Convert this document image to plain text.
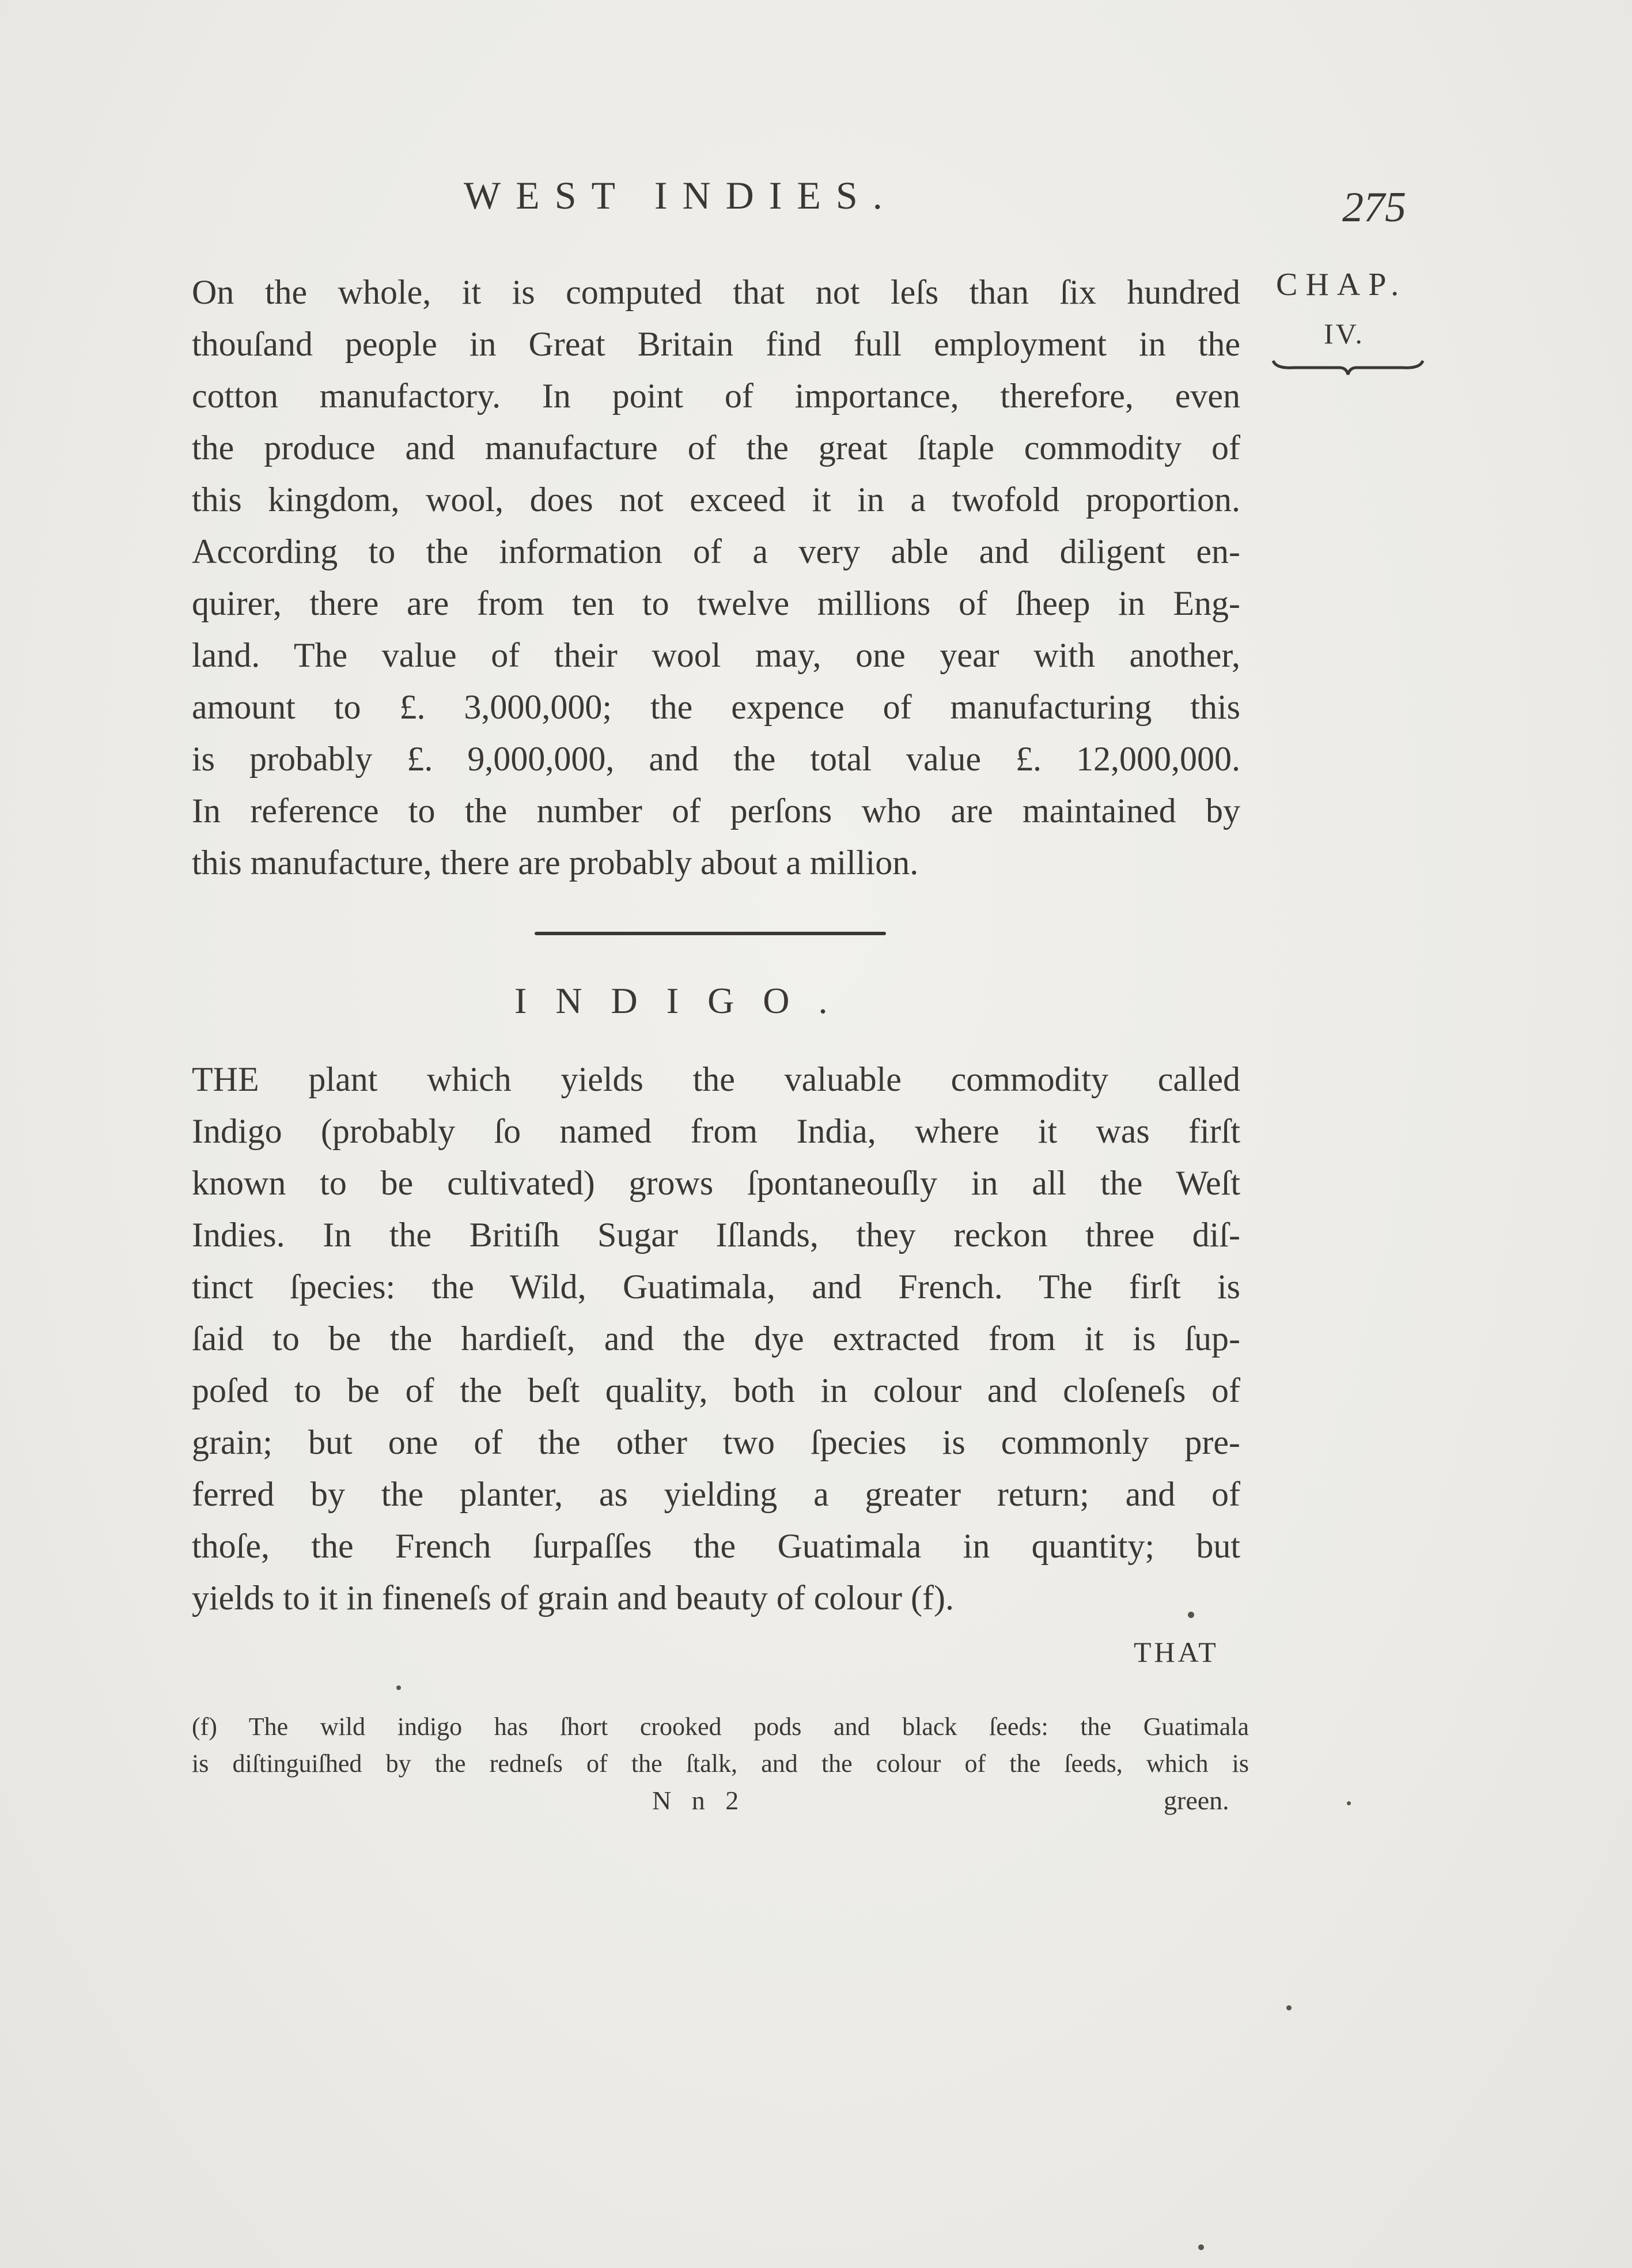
WEST INDIES.	275
CHAP.
IV.
On the whole, it is computed that not leſs than ſix hundred
thouſand people in Great Britain find full employment in the
cotton manufactory. In point of importance, therefore, even
the produce and manufacture of the great ſtaple commodity of
this kingdom, wool, does not exceed it in a twofold proportion.
According to the information of a very able and diligent en-
quirer, there are from ten to twelve millions of ſheep in Eng-
land. The value of their wool may, one year with another,
amount to £. 3,000,000; the expence of manufacturing this
is probably £. 9,000,000, and the total value £. 12,000,000.
In reference to the number of perſons who are maintained by
this manufacture, there are probably about a million.
INDIGO.
THE plant which yields the valuable commodity called
Indigo (probably ſo named from India, where it was firſt
known to be cultivated) grows ſpontaneouſly in all the Weſt
Indies. In the Britiſh Sugar Iſlands, they reckon three diſ-
tinct ſpecies: the Wild, Guatimala, and French. The firſt is
ſaid to be the hardieſt, and the dye extracted from it is ſup-
poſed to be of the beſt quality, both in colour and cloſeneſs of
grain; but one of the other two ſpecies is commonly pre-
ferred by the planter, as yielding a greater return; and of
thoſe, the French ſurpaſſes the Guatimala in quantity; but
yields to it in fineneſs of grain and beauty of colour (f).
THAT
(f) The wild indigo has ſhort crooked pods and black ſeeds: the Guatimala
is diſtinguiſhed by the redneſs of the ſtalk, and the colour of the ſeeds, which is
N n 2	green.
